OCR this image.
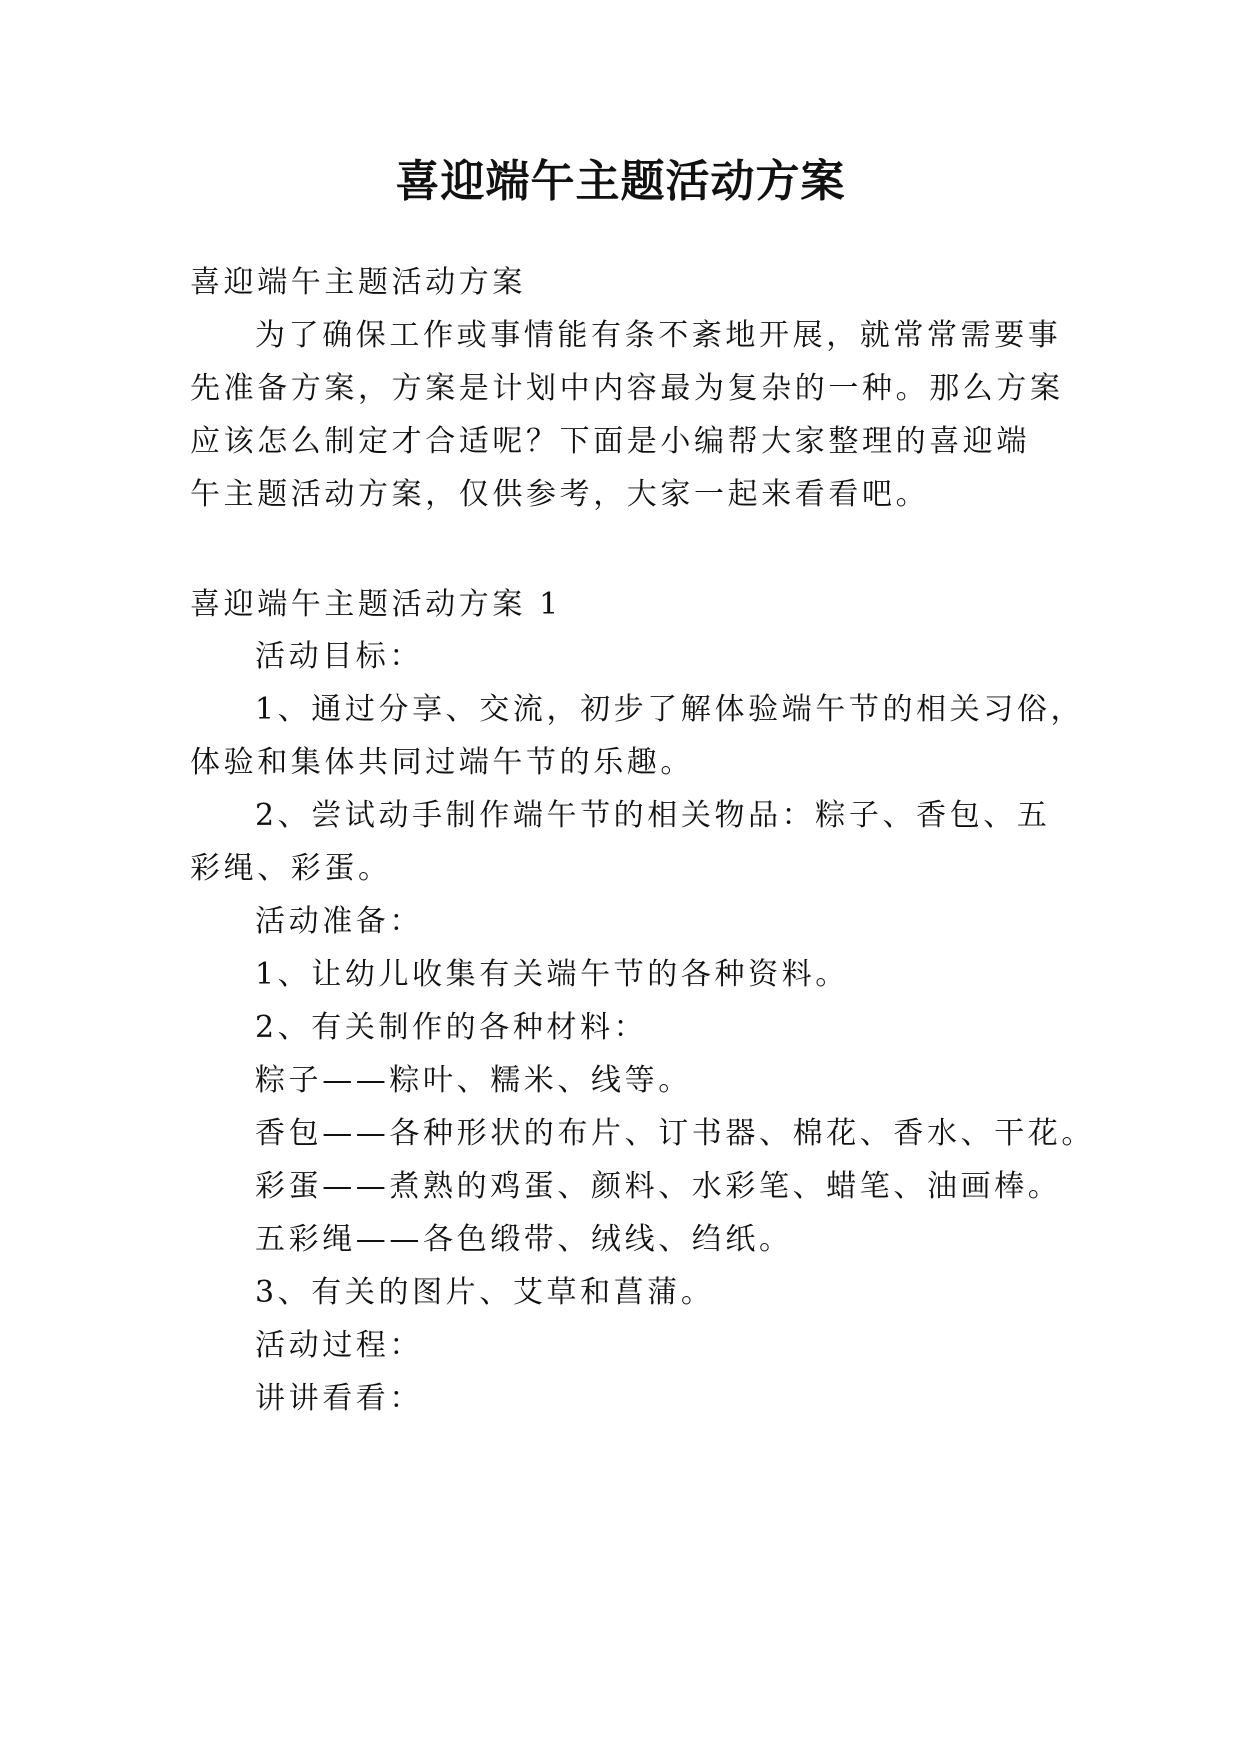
喜迎端午主题活动方案
喜迎端午主题活动方案
为了确保工作或事情能有条不紊地开展，就常常需要事
先准备方案，方案是计划中内容最为复杂的一种。那么方案
应该怎么制定才合适呢？下面是小编帮大家整理的喜迎端
午主题活动方案，仅供参考，大家一起来看看吧。
喜迎端午主题活动方案 1
活动目标：
1、通过分享、交流，初步了解体验端午节的相关习俗，
体验和集体共同过端午节的乐趣。
2、尝试动手制作端午节的相关物品：粽子、香包、五
彩绳、彩蛋。
活动准备：
1、让幼儿收集有关端午节的各种资料。
2、有关制作的各种材料：
粽子——粽叶、糯米、线等。
香包——各种形状的布片、订书器、棉花、香水、干花。
彩蛋——煮熟的鸡蛋、颜料、水彩笔、蜡笔、油画棒。
五彩绳——各色缎带、绒线、绉纸。
3、有关的图片、艾草和菖蒲。
活动过程：
讲讲看看：
